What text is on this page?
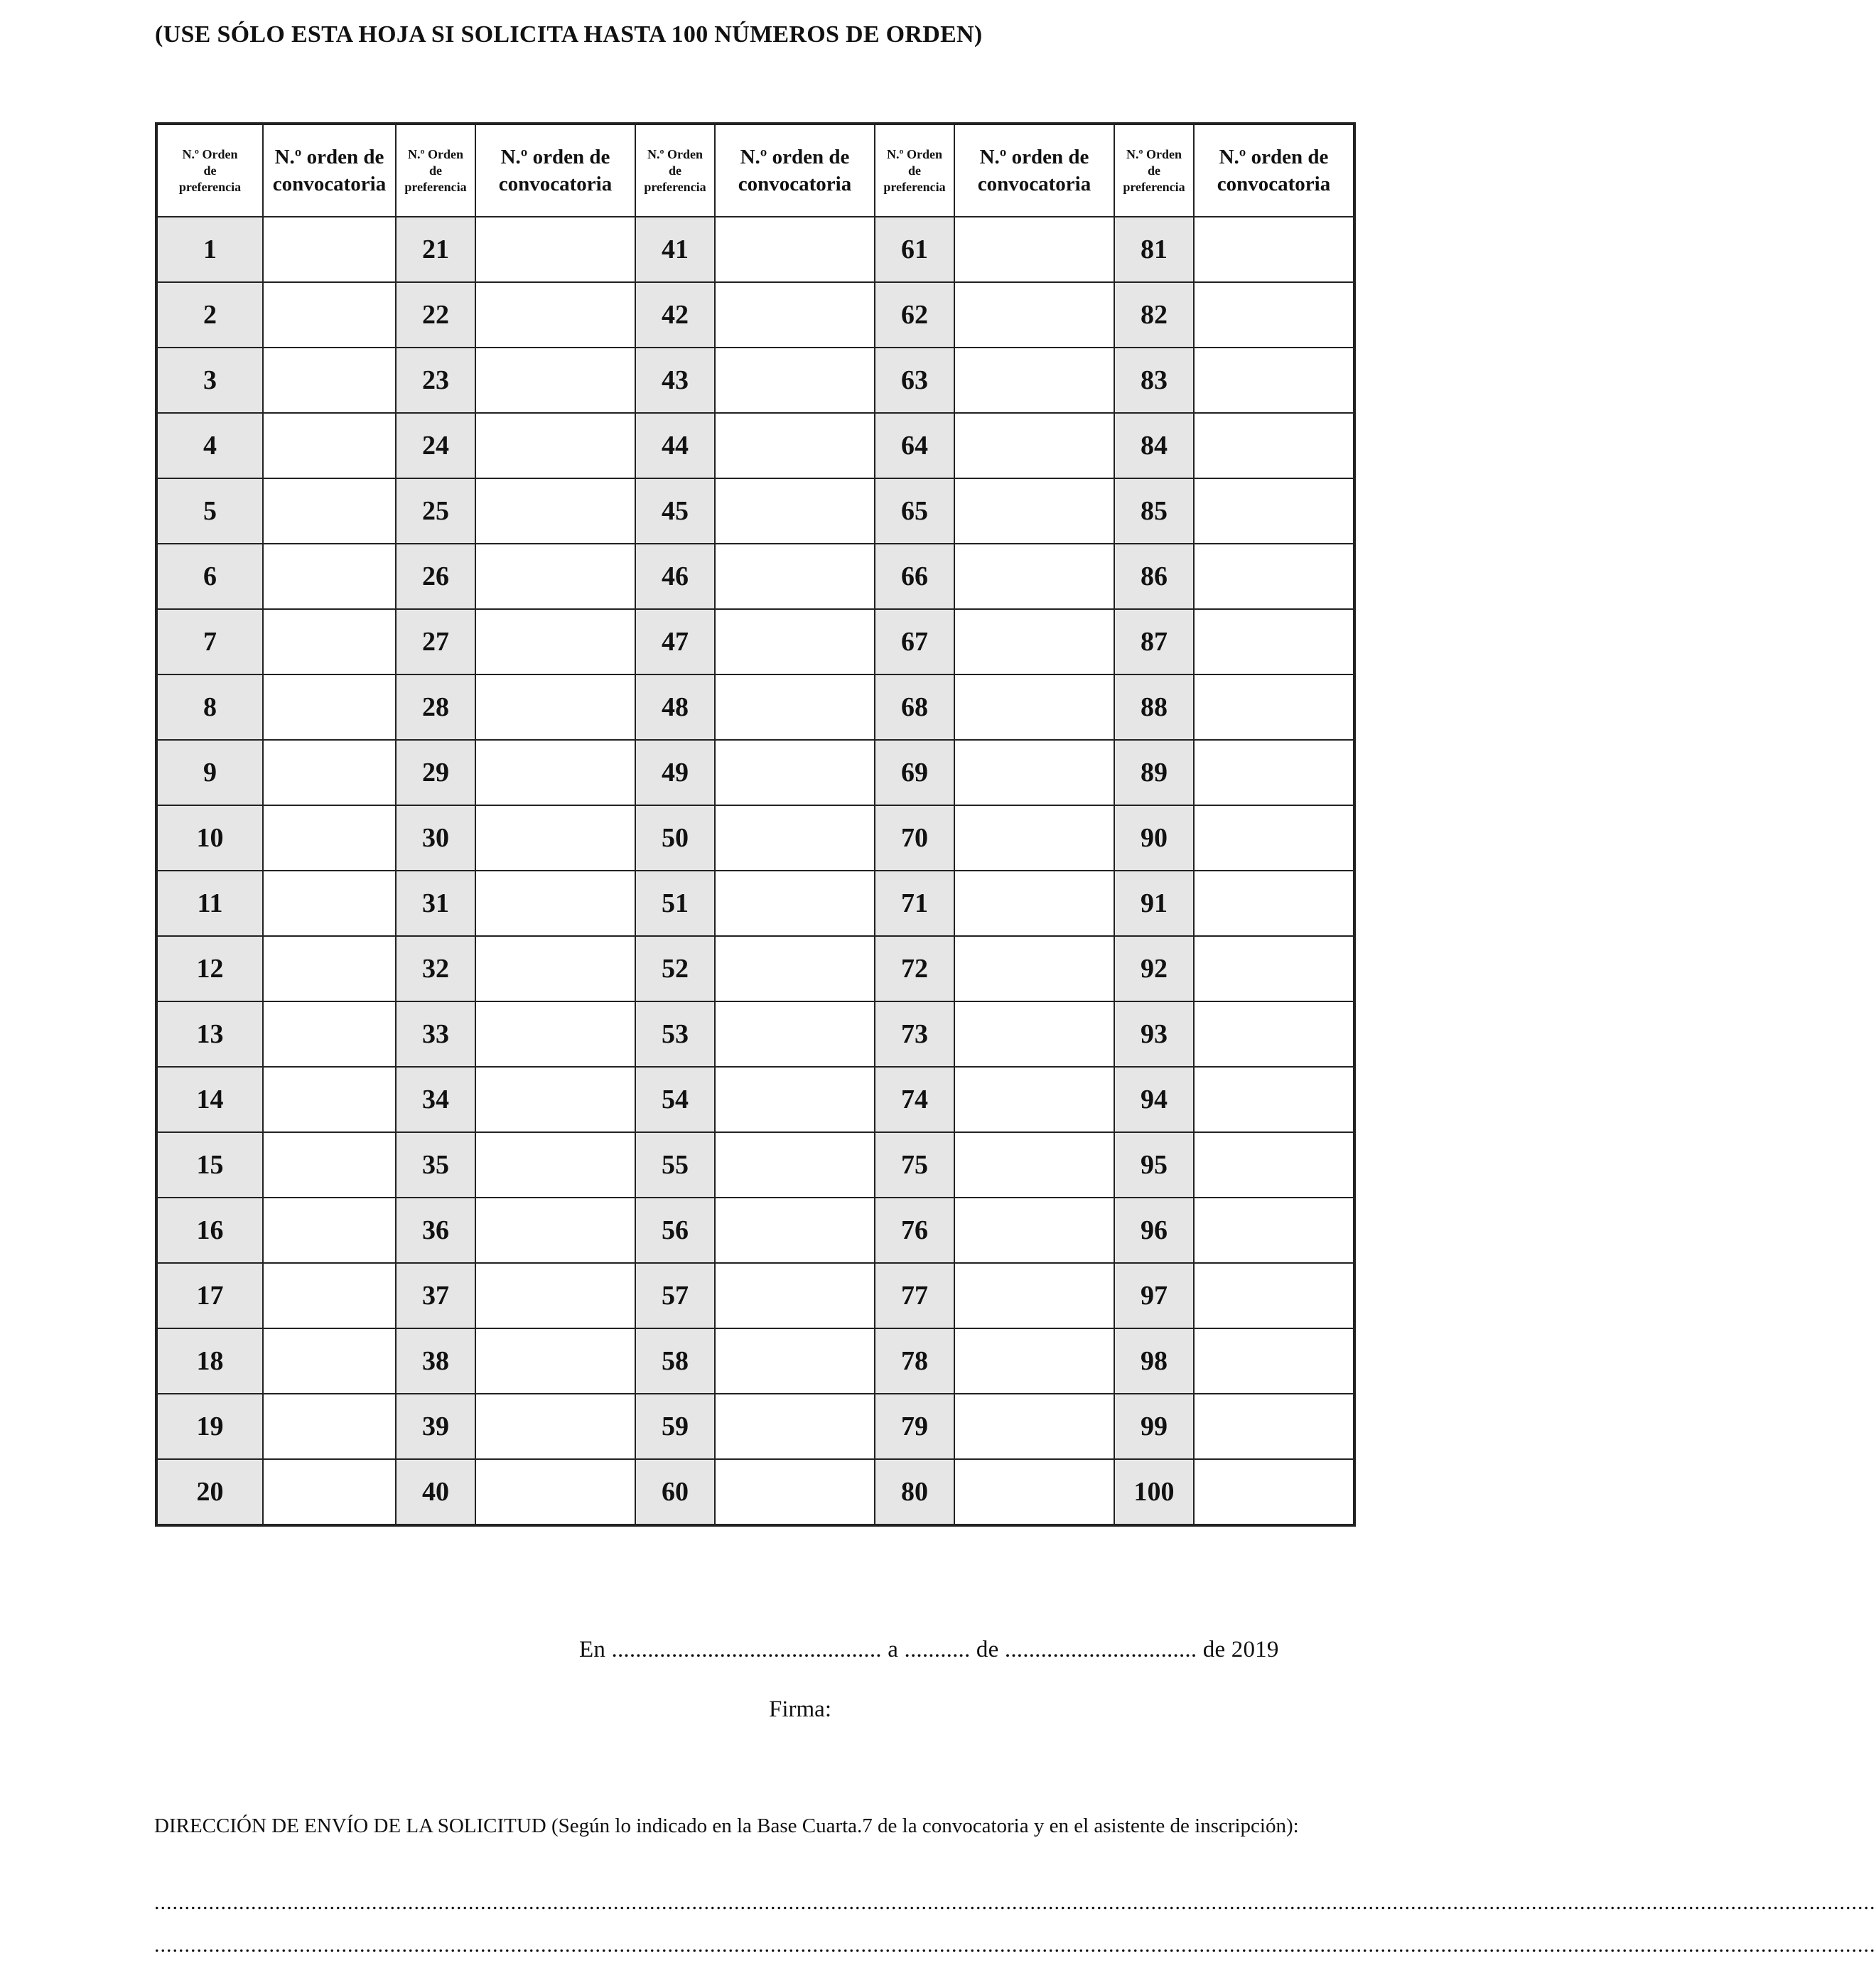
(USE SÓLO ESTA HOJA SI SOLICITA HASTA 100 NÚMEROS DE ORDEN)
N.º Orden
de
preferencia	N.º orden de
convocatoria	N.º Orden
de
preferencia	N.º orden de
convocatoria	N.º Orden
de
preferencia	N.º orden de
convocatoria	N.º Orden
de
preferencia	N.º orden de
convocatoria	N.º Orden
de
preferencia	N.º orden de
convocatoria
1		21		41		61		81	
2		22		42		62		82	
3		23		43		63		83	
4		24		44		64		84	
5		25		45		65		85	
6		26		46		66		86	
7		27		47		67		87	
8		28		48		68		88	
9		29		49		69		89	
10		30		50		70		90	
11		31		51		71		91	
12		32		52		72		92	
13		33		53		73		93	
14		34		54		74		94	
15		35		55		75		95	
16		36		56		76		96	
17		37		57		77		97	
18		38		58		78		98	
19		39		59		79		99	
20		40		60		80		100	
En ............................................. a ........... de ................................ de 2019
Firma:
DIRECCIÓN DE ENVÍO DE LA SOLICITUD (Según lo indicado en la Base Cuarta.7 de la convocatoria y en el asistente de inscripción):
.............................................................................................................................................................................................................................................................................................
.............................................................................................................................................................................................................................................................................................
